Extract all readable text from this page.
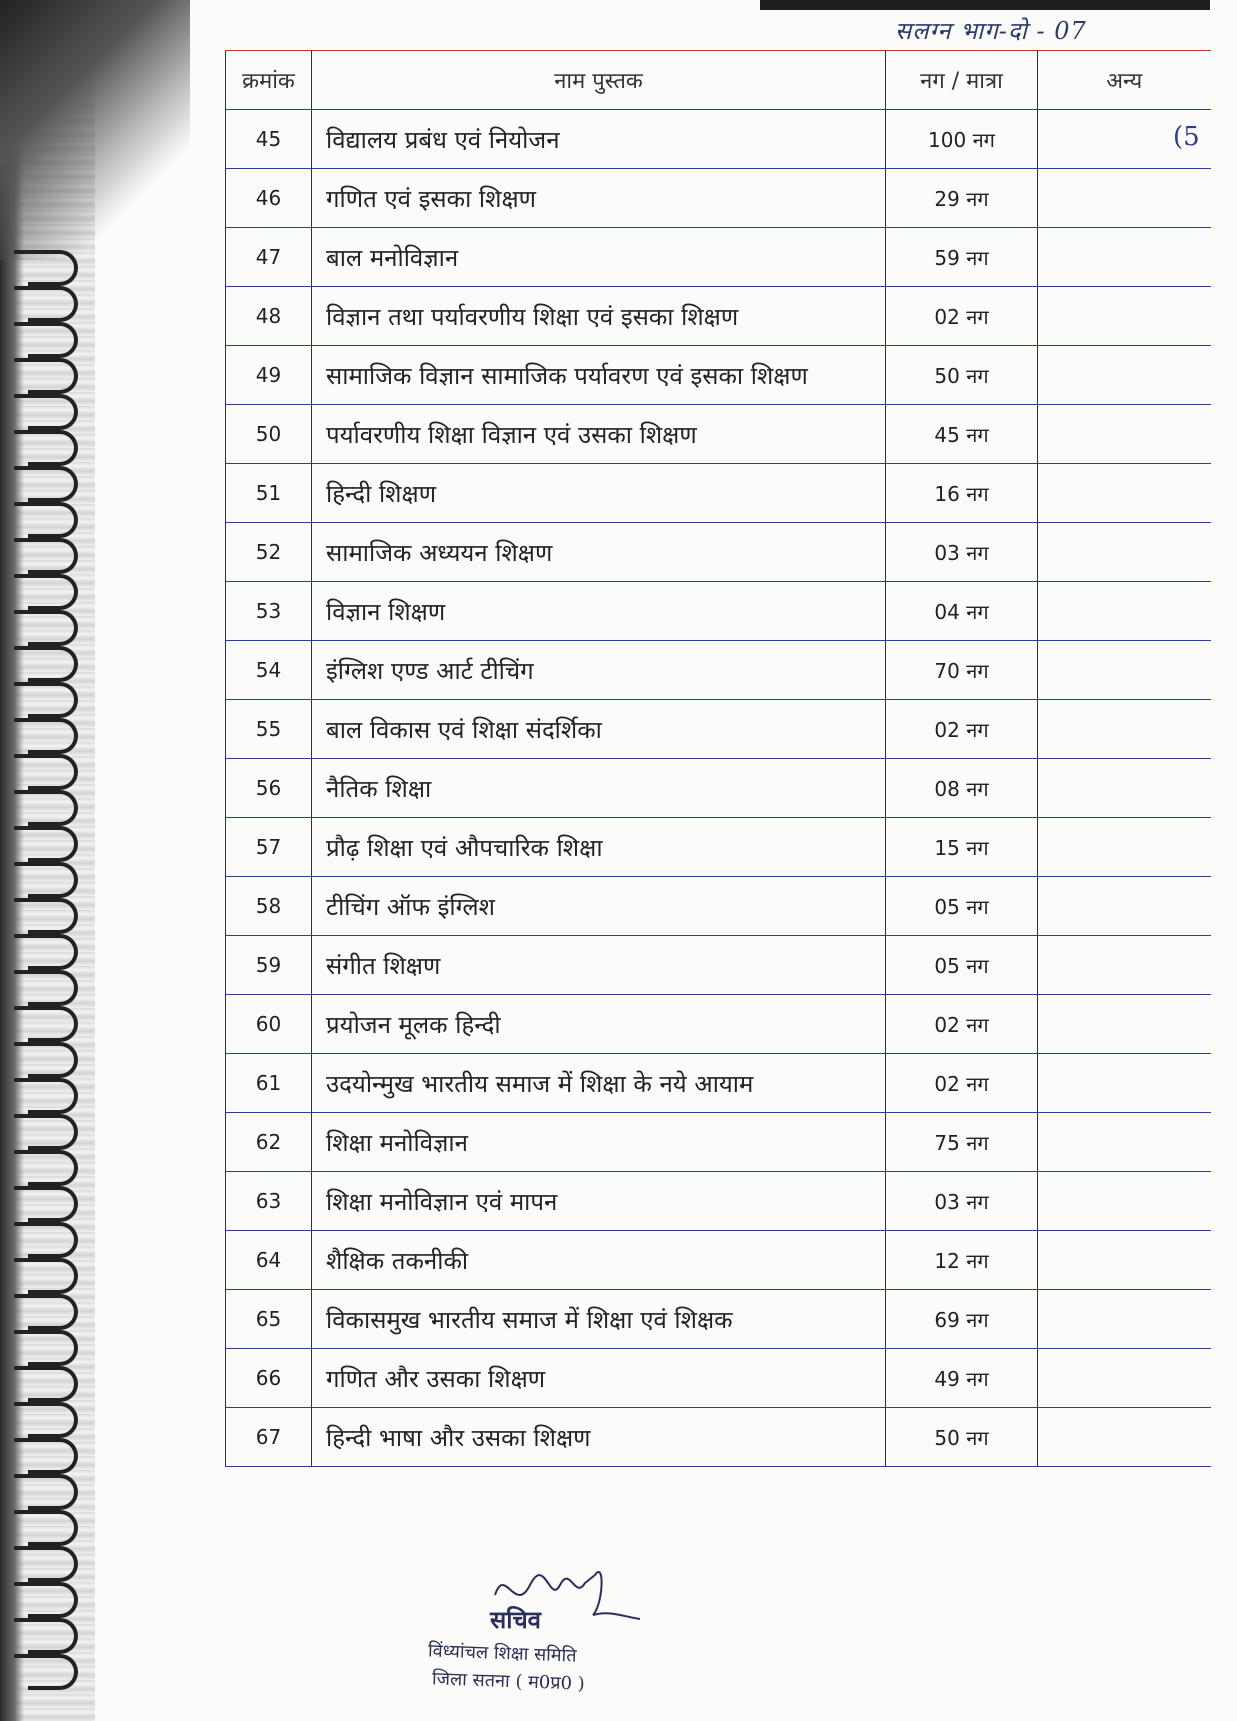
सलग्न भाग-दो - 07
(5
क्रमांक	नाम पुस्तक	नग / मात्रा	अन्य
45	विद्यालय प्रबंध एवं नियोजन	100 नग	
46	गणित एवं इसका शिक्षण	29 नग	
47	बाल मनोविज्ञान	59 नग	
48	विज्ञान तथा पर्यावरणीय शिक्षा एवं इसका शिक्षण	02 नग	
49	सामाजिक विज्ञान सामाजिक पर्यावरण एवं इसका शिक्षण	50 नग	
50	पर्यावरणीय शिक्षा विज्ञान एवं उसका शिक्षण	45 नग	
51	हिन्दी शिक्षण	16 नग	
52	सामाजिक अध्ययन शिक्षण	03 नग	
53	विज्ञान शिक्षण	04 नग	
54	इंग्लिश एण्ड आर्ट टीचिंग	70 नग	
55	बाल विकास एवं शिक्षा संदर्शिका	02 नग	
56	नैतिक शिक्षा	08 नग	
57	प्रौढ़ शिक्षा एवं औपचारिक शिक्षा	15 नग	
58	टीचिंग ऑफ इंग्लिश	05 नग	
59	संगीत शिक्षण	05 नग	
60	प्रयोजन मूलक हिन्दी	02 नग	
61	उदयोन्मुख भारतीय समाज में शिक्षा के नये आयाम	02 नग	
62	शिक्षा मनोविज्ञान	75 नग	
63	शिक्षा मनोविज्ञान एवं मापन	03 नग	
64	शैक्षिक तकनीकी	12 नग	
65	विकासमुख भारतीय समाज में शिक्षा एवं शिक्षक	69 नग	
66	गणित और उसका शिक्षण	49 नग	
67	हिन्दी भाषा और उसका शिक्षण	50 नग	
सचिव
विंध्यांचल शिक्षा समिति
जिला सतना ( म0प्र0 )
